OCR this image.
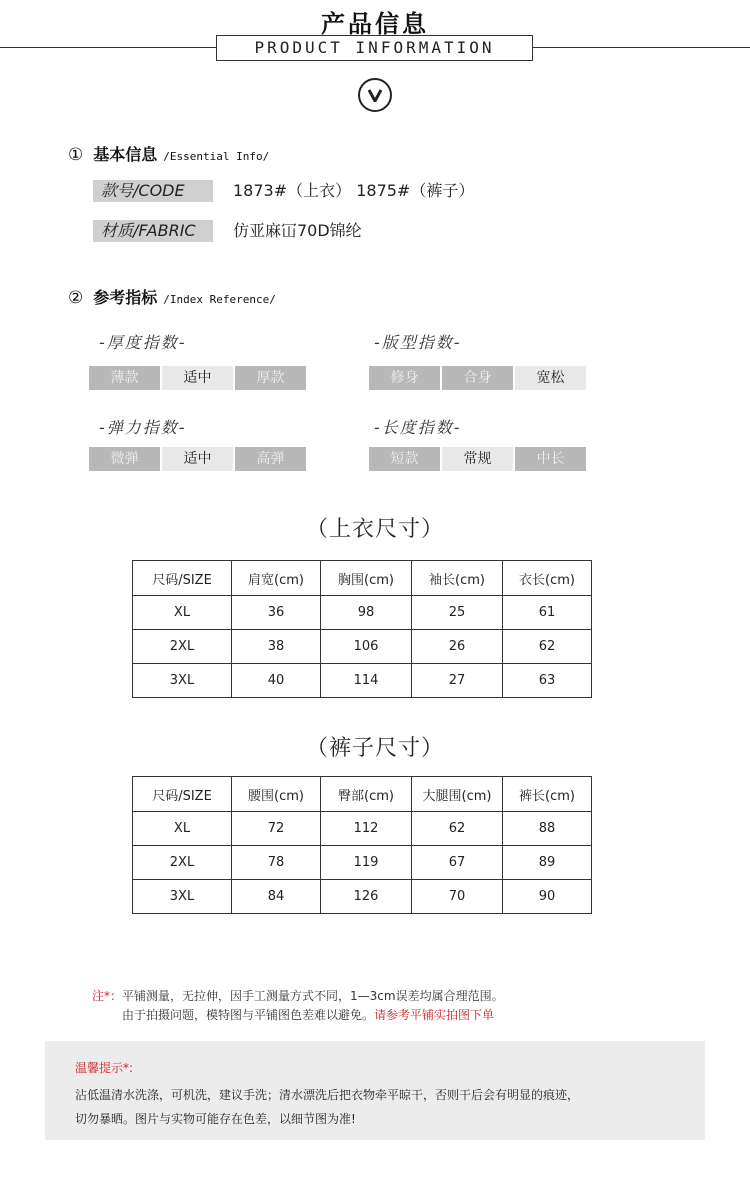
产品信息
PRODUCT INFORMATION
① 基本信息 /Essential Info/
款号/CODE	1873#（上衣） 1875#（裤子）
材质/FABRIC	仿亚麻冚70D锦纶
② 参考指标 /Index Reference/
-厚度指数-
薄款	适中	厚款
-版型指数-
修身	合身	宽松
-弹力指数-
微弹	适中	高弹
-长度指数-
短款	常规	中长
（上衣尺寸）
尺码/SIZE	肩宽(cm)	胸围(cm)	袖长(cm)	衣长(cm)
XL	36	98	25	61
2XL	38	106	26	62
3XL	40	114	27	63
（裤子尺寸）
尺码/SIZE	腰围(cm)	臀部(cm)	大腿围(cm)	裤长(cm)
XL	72	112	62	88
2XL	78	119	67	89
3XL	84	126	70	90
注*：平铺测量，无拉伸，因手工测量方式不同，1—3cm误差均属合理范围。
由于拍摄问题，模特图与平铺图色差难以避免。请参考平铺实拍图下单
温馨提示*:
沾低温清水洗涤，可机洗，建议手洗；清水漂洗后把衣物牵平晾干，否则干后会有明显的痕迹，
切勿暴晒。图片与实物可能存在色差，以细节图为准!
